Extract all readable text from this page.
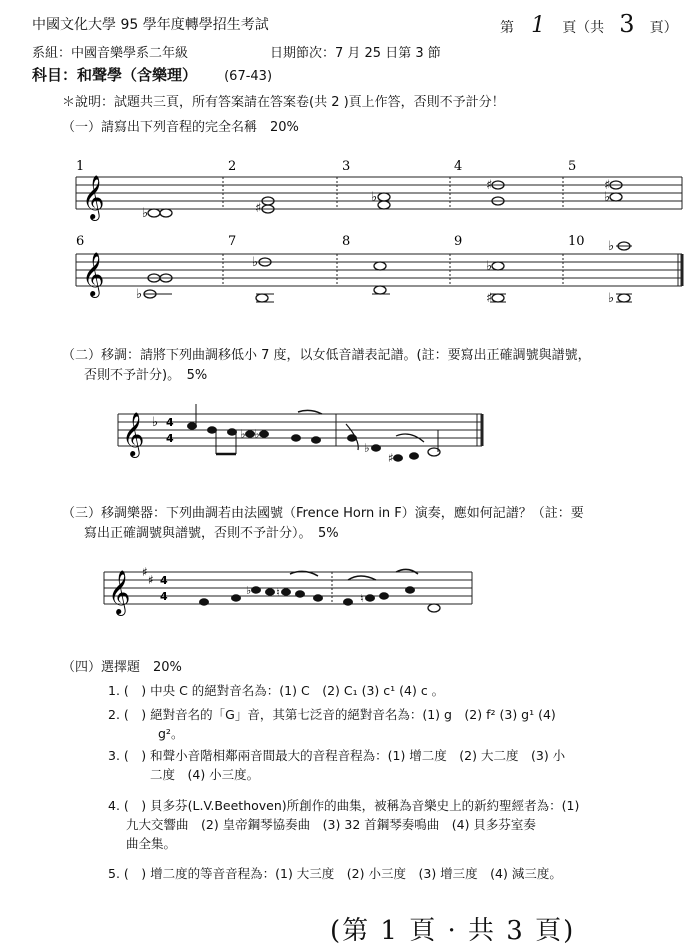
中國文化大學 95 學年度轉學招生考試	第 1 頁（共 3 頁）
系組：中國音樂學系二年級	日期節次：7 月 25 日第 3 節
科目：和聲學（含樂理） (67-43)
＊說明：試題共三頁，所有答案請在答案卷(共 2 )頁上作答，否則不予計分！
（一）請寫出下列音程的完全名稱　20%
1	2	3	4	5
𝄞	♭	♯
♭
♯	♯
♭
6	7	8	9	10
𝄞 ♭
♭	♭
♯
♭
♭
（二）移調：請將下列曲調移低小 7 度，以女低音譜表記譜。(註：要寫出正確調號與譜號，
否則不予計分)。　5%
𝄞 ♭ 4
4	♭ ♭
♭
♯
（三）移調樂器：下列曲調若由法國號（Frence Horn in F）演奏，應如何記譜？（註：要
寫出正確調號與譜號，否則不予計分）。　5%
𝄞 ♯
♯ 4
4	♭ ♮	♮
（四）選擇題　20%
1. (　) 中央 C 的絕對音名為：(1) C　(2) C₁ (3) c¹ (4) c 。
2. (　) 絕對音名的「G」音，其第七泛音的絕對音名為：(1) g　(2) f² (3) g¹ (4)
g²。
3. (　) 和聲小音階相鄰兩音間最大的音程音程為：(1) 增二度　(2) 大二度　(3) 小
二度　(4) 小三度。
4. (　) 貝多芬(L.V.Beethoven)所創作的曲集，被稱為音樂史上的新約聖經者為：(1)
九大交響曲　(2) 皇帝鋼琴協奏曲　(3) 32 首鋼琴奏鳴曲　(4) 貝多芬室奏
曲全集。
5. (　) 增二度的等音音程為：(1) 大三度　(2) 小三度　(3) 增三度　(4) 減三度。
(第 1 頁 · 共 3 頁)
